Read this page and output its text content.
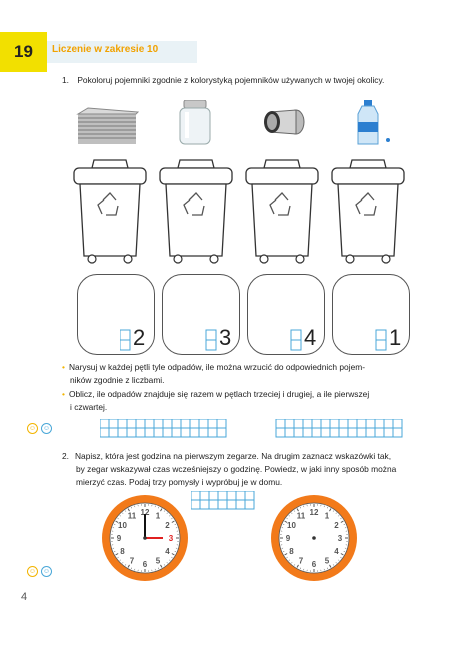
19	Liczenie w zakresie 10
1. Pokoloruj pojemniki zgodnie z kolorystyką pojemników używanych w twojej okolicy.
2	3	4	1
• Narysuj w każdej pętli tyle odpadów, ile można wrzucić do odpowiednich pojem-
ników zgodnie z liczbami.
• Oblicz, ile odpadów znajduje się razem w pętlach trzeciej i drugiej, a ile pierwszej
i czwartej.
☺ ☺
2. Napisz, która jest godzina na pierwszym zegarze. Na drugim zaznacz wskazówki tak,
by zegar wskazywał czas wcześniejszy o godzinę. Powiedz, w jaki inny sposób można
mierzyć czas. Podaj trzy pomysły i wypróbuj je w domu.
12 1
2
3
4
5
6
7
8
9
10
11	12 1
2
3
4
5
6
7
8
9
10
11
☺ ☺
4
